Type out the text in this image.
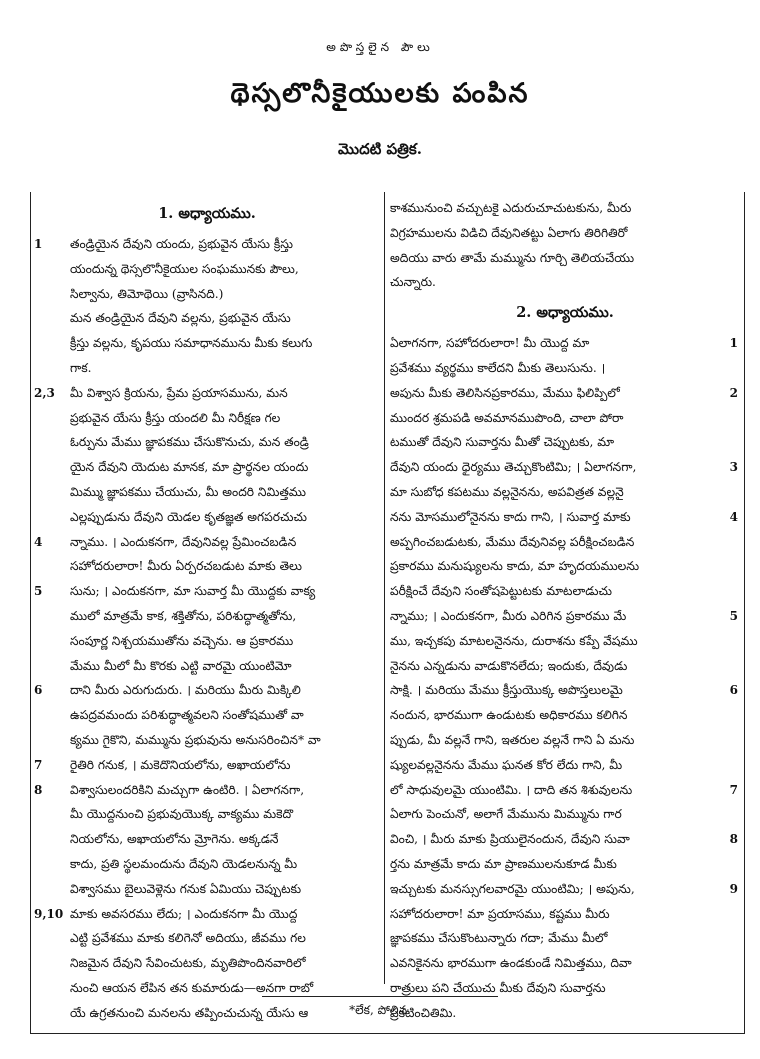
అపొస్తలైన పౌలు
థెస్సలొనీకైయులకు పంపిన
మొదటి పత్రిక.
1. అధ్యాయము.
1 తండ్రియైన దేవుని యందు, ప్రభువైన యేసు క్రీస్తు
యందున్న థెస్సలొనీకైయుల సంఘమునకు పౌలు,
సిల్వాను, తిమోథెయి (వ్రాసినది.)
మన తండ్రియైన దేవుని వల్లను, ప్రభువైన యేసు
క్రీస్తు వల్లను, కృపయు సమాధానమును మీకు కలుగు
గాక.
2,3 మీ విశ్వాస క్రియను, ప్రేమ ప్రయాసమును, మన
ప్రభువైన యేసు క్రీస్తు యందలి మీ నిరీక్షణ గల
ఓర్పును మేము జ్ఞాపకము చేసుకొనుచు, మన తండ్రి
యైన దేవుని యెదుట మానక, మా ప్రార్థనల యందు
మిమ్ము జ్ఞాపకము చేయుచు, మీ అందరి నిమిత్తము
ఎల్లప్పుడును దేవుని యెడల కృతజ్ఞత అగపరచుచు
4 న్నాము. । ఎందుకనగా, దేవునివల్ల ప్రేమించబడిన
సహోదరులారా! మీరు ఏర్పరచబడుట మాకు తెలు
5 సును; । ఎందుకనగా, మా సువార్త మీ యొద్దకు వాక్య
ములో మాత్రమే కాక, శక్తితోను, పరిశుద్ధాత్మతోను,
సంపూర్ణ నిశ్చయముతోను వచ్చెను. ఆ ప్రకారము
మేము మీలో మీ కొరకు ఎట్టి వారమై యుంటిమో
6 దాని మీరు ఎరుగుదురు. । మరియు మీరు మిక్కిలి
ఉపద్రవమందు పరిశుద్ధాత్మవలని సంతోషముతో వా
క్యము గైకొని, మమ్మును ప్రభువును అనుసరించిన* వా
7 రైతిరి గనుక, । మకెదొనియలోను, అఖాయలోను
8 విశ్వాసులందరికిని మచ్చుగా ఉంటిరి. । ఏలాగనగా,
మీ యొద్దనుంచి ప్రభువుయొక్క వాక్యము మకెదొ
నియలోను, అఖాయలోను మ్రోగెను. అక్కడనే
కాదు, ప్రతి స్థలమందును దేవుని యెడలనున్న మీ
విశ్వాసము బైలువెళ్లెను గనుక ఏమియు చెప్పుటకు
9,10 మాకు అవసరము లేదు; । ఎందుకనగా మీ యొద్ద
ఎట్టి ప్రవేశము మాకు కలిగెనో అదియు, జీవము గల
నిజమైన దేవుని సేవించుటకు, మృతిపొందినవారిలో
నుంచి ఆయన లేపిన తన కుమారుడు—అనగా రాబో
యే ఉగ్రతనుంచి మనలను తప్పించుచున్న యేసు ఆ
కాశమునుంచి వచ్చుటకై ఎదురుచూచుటకును, మీరు
విగ్రహములను విడిచి దేవునితట్టు ఏలాగు తిరిగితిరో
అదియు వారు తామే మమ్మును గూర్చి తెలియచేయు
చున్నారు.
2. అధ్యాయము.
1
ఏలాగనగా, సహోదరులారా! మీ యొద్ద మా
ప్రవేశము వ్యర్థము కాలేదని మీకు తెలుసును. ।
2
అపును మీకు తెలిసినప్రకారము, మేము ఫిలిప్పిలో
ముందర శ్రమపడి అవమానముపొంది, చాలా పోరా
టముతో దేవుని సువార్తను మీతో చెప్పుటకు, మా
3
దేవుని యందు ధైర్యము తెచ్చుకొంటిమి; । ఏలాగనగా,
మా సుబోధ కపటము వల్లనైనను, అపవిత్రత వల్లనై
4
నను మోసములోనైనను కాదు గాని, । సువార్త మాకు
అప్పగించబడుటకు, మేము దేవునివల్ల పరీక్షించబడిన
ప్రకారము మనుష్యులను కాదు, మా హృదయములను
పరీక్షించే దేవుని సంతోషపెట్టుటకు మాటలాడుచు
5
న్నాము; । ఎందుకనగా, మీరు ఎరిగిన ప్రకారము మే
ము, ఇచ్చకపు మాటలనైనను, దురాశను కప్పే వేషము
నైనను ఎన్నడును వాడుకొనలేదు; ఇందుకు, దేవుడు
6
సాక్షి. । మరియు మేము క్రీస్తుయొక్క అపొస్తలులమై
నందున, భారముగా ఉండుటకు అధికారము కలిగిన
ప్పుడు, మీ వల్లనే గాని, ఇతరుల వల్లనే గాని ఏ మను
ష్యులవల్లనైనను మేము ఘనత కోర లేదు గాని, మీ
7
లో సాధువులమై యుంటిమి. । దాది తన శిశువులను
ఏలాగు పెంచునో, అలాగే మేమును మిమ్మును గార
8
వించి, । మీరు మాకు ప్రియులైనందున, దేవుని సువా
ర్తను మాత్రమే కాదు మా ప్రాణములనుకూడ మీకు
9
ఇచ్చుటకు మనస్సుగలవారమై యుంటిమి; । అపును,
సహోదరులారా! మా ప్రయాసము, కష్టము మీరు
జ్ఞాపకము చేసుకొంటున్నారు గదా; మేము మీలో
ఎవనికైనను భారముగా ఉండకుండే నిమిత్తము, దివా
రాత్రులు పని చేయుచు మీకు దేవుని సువార్తను
ప్రకటించితిమి.
*లేక, పోలిన.
